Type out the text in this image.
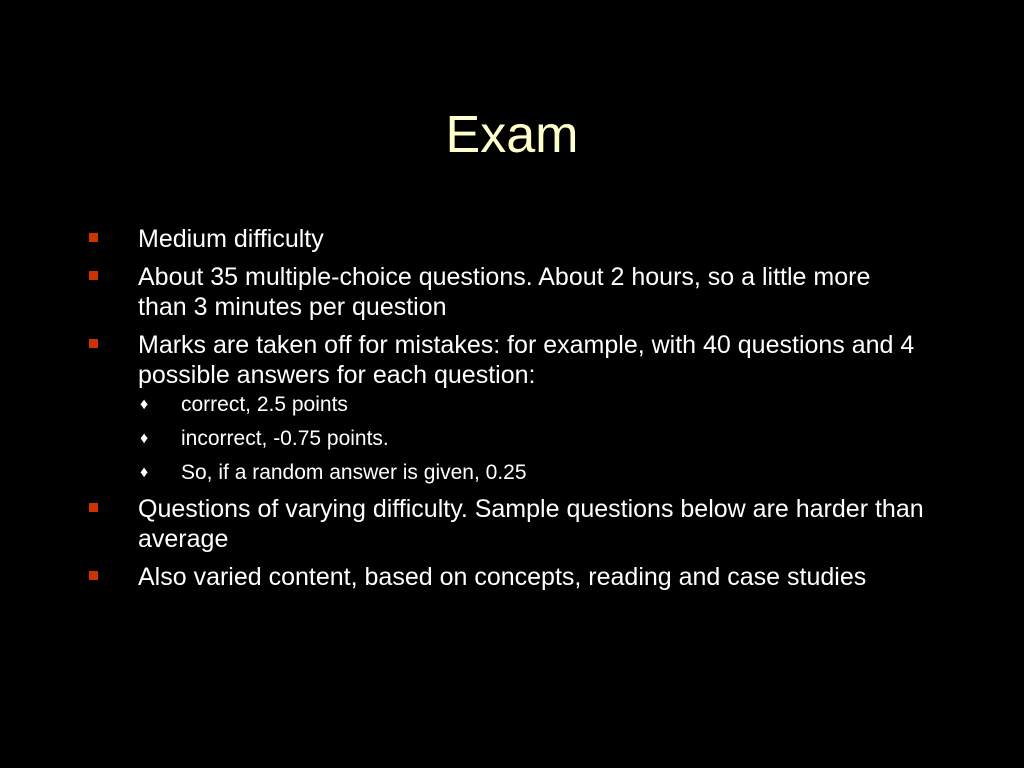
Exam
Medium difficulty
About 35 multiple-choice questions. About 2 hours, so a little more than 3 minutes per question
Marks are taken off for mistakes: for example, with 40 questions and 4 possible answers for each question:
♦ correct, 2.5 points
♦ incorrect, -0.75 points.
♦ So, if a random answer is given, 0.25
Questions of varying difficulty. Sample questions below are harder than average
Also varied content, based on concepts, reading and case studies
